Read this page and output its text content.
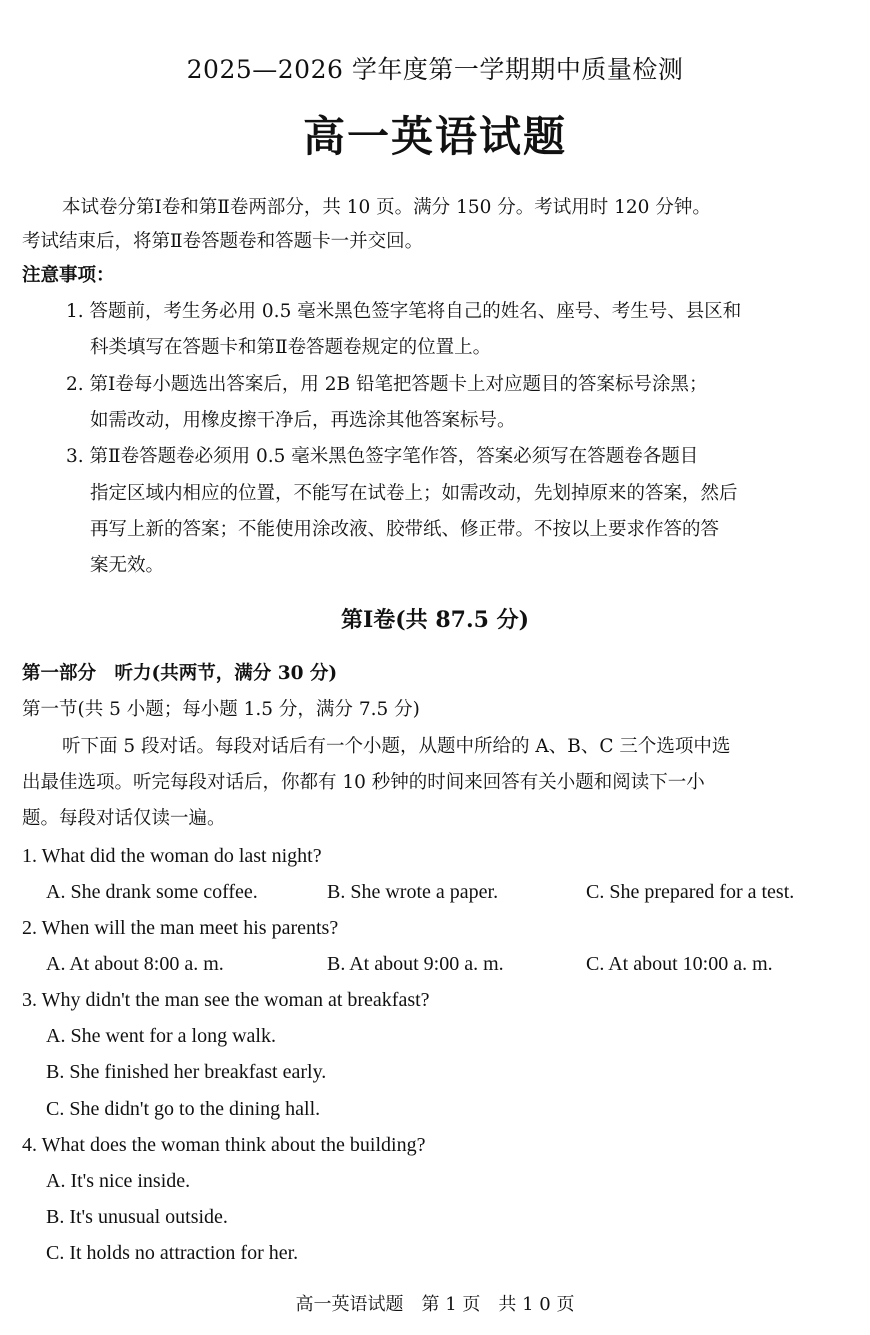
2025—2026 学年度第一学期期中质量检测
高一英语试题
本试卷分第Ⅰ卷和第Ⅱ卷两部分，共 10 页。满分 150 分。考试用时 120 分钟。
考试结束后，将第Ⅱ卷答题卷和答题卡一并交回。
注意事项：
1. 答题前，考生务必用 0.5 毫米黑色签字笔将自己的姓名、座号、考生号、县区和
科类填写在答题卡和第Ⅱ卷答题卷规定的位置上。
2. 第Ⅰ卷每小题选出答案后，用 2B 铅笔把答题卡上对应题目的答案标号涂黑；
如需改动，用橡皮擦干净后，再选涂其他答案标号。
3. 第Ⅱ卷答题卷必须用 0.5 毫米黑色签字笔作答，答案必须写在答题卷各题目
指定区域内相应的位置，不能写在试卷上；如需改动，先划掉原来的答案，然后
再写上新的答案；不能使用涂改液、胶带纸、修正带。不按以上要求作答的答
案无效。
第Ⅰ卷(共 87.5 分)
第一部分　听力(共两节，满分 30 分)
第一节(共 5 小题；每小题 1.5 分，满分 7.5 分)
听下面 5 段对话。每段对话后有一个小题，从题中所给的 A、B、C 三个选项中选
出最佳选项。听完每段对话后，你都有 10 秒钟的时间来回答有关小题和阅读下一小
题。每段对话仅读一遍。
1. What did the woman do last night?
A. She drank some coffee.	B. She wrote a paper.	C. She prepared for a test.
2. When will the man meet his parents?
A. At about 8:00 a. m.	B. At about 9:00 a. m.	C. At about 10:00 a. m.
3. Why didn't the man see the woman at breakfast?
A. She went for a long walk.
B. She finished her breakfast early.
C. She didn't go to the dining hall.
4. What does the woman think about the building?
A. It's nice inside.
B. It's unusual outside.
C. It holds no attraction for her.
高一英语试题　第 1 页　共 1 0 页
